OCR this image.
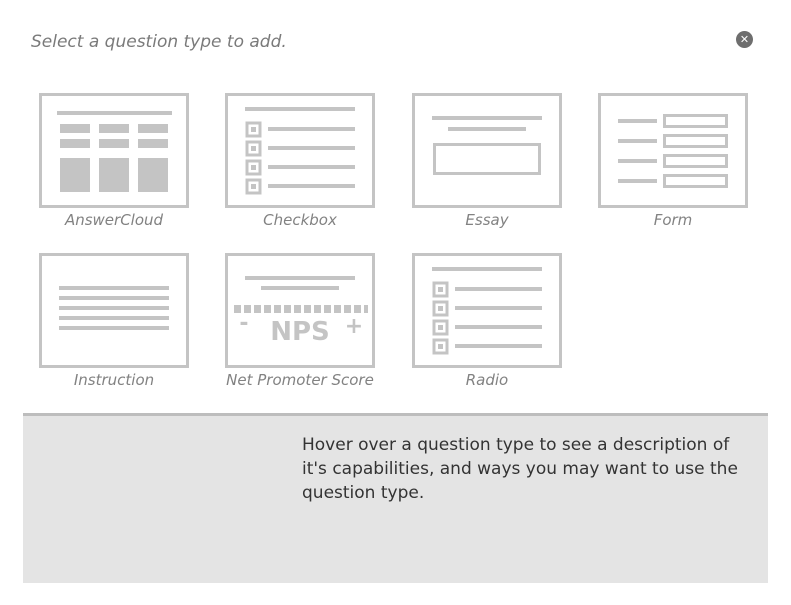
Select a question type to add.	✕
AnswerCloud	Checkbox	Essay	Form
Instruction
- NPS +
Net Promoter Score	Radio
Hover over a question type to see a description of it's capabilities, and ways you may want to use the question type.
